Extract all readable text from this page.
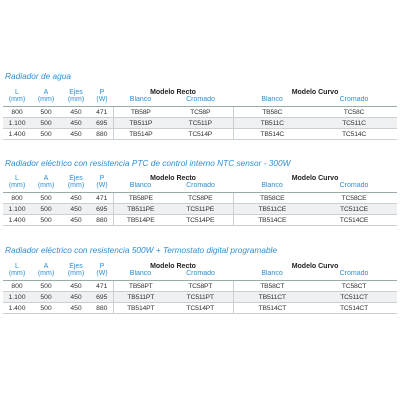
Radiador de agua
L	A	Ejes	P	Modelo Recto		Modelo Curvo	
(mm)	(mm)	(mm)	(W)	Blanco	Cromado	Blanco	Cromado
800	500	450	471	TB58P	TC58P	TB58C	TC58C
1.100	500	450	695	TB511P	TC511P	TB511C	TC511C
1.400	500	450	880	TB514P	TC514P	TB514C	TC514C
Radiador eléctrico con resistencia PTC de control interno NTC sensor - 300W
L	A	Ejes	P	Modelo Recto		Modelo Curvo	
(mm)	(mm)	(mm)	(W)	Blanco	Cromado	Blanco	Cromado
800	500	450	471	TB58PE	TC58PE	TB58CE	TC58CE
1.100	500	450	695	TB511PE	TC511PE	TB511CE	TC511CE
1.400	500	450	880	TB514PE	TC514PE	TB514CE	TC514CE
Radiador eléctrico con resistencia 500W + Termostato digital programable
L	A	Ejes	P	Modelo Recto		Modelo Curvo	
(mm)	(mm)	(mm)	(W)	Blanco	Cromado	Blanco	Cromado
800	500	450	471	TB58PT	TC58PT	TB58CT	TC58CT
1.100	500	450	695	TB511PT	TC511PT	TB511CT	TC511CT
1.400	500	450	880	TB514PT	TC514PT	TB514CT	TC514CT
